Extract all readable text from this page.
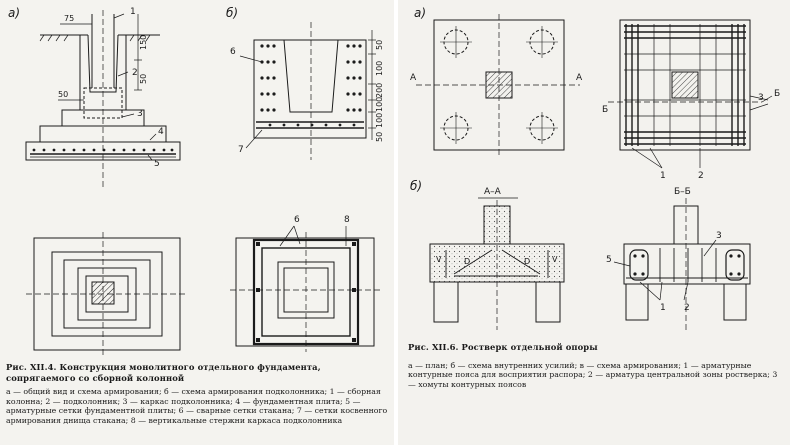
а)	б)
75
1
2
3
4
5
50
150
50
6
7
50
100
200
100
100
50
6	8
Рис. XII.4. Конструкция монолитного отдельного фундамента, сопрягаемого со сборной колонной
а — общий вид и схема армирования; б — схема армирования подколонника; 1 — сборная колонна; 2 — подколонник; 3 — каркас подколонника; 4 — фундаментная плита; 5 — арматурные сетки фундаментной плиты; 6 — сварные сетки стакана; 7 — сетки косвенного армирования днища стакана; 8 — вертикальные стержни каркаса подколонника
а)
б)
А	А
Б
Б
3
1	2
А–А	Б–Б
V	D	D	V	5
3
1 2
Рис. XII.6. Ростверк отдельной опоры
а — план; б — схема внутренних усилий; в — схема армирования; 1 — арматурные контурные пояса для восприятия распора; 2 — арматура центральной зоны ростверка; 3 — хомуты контурных поясов
